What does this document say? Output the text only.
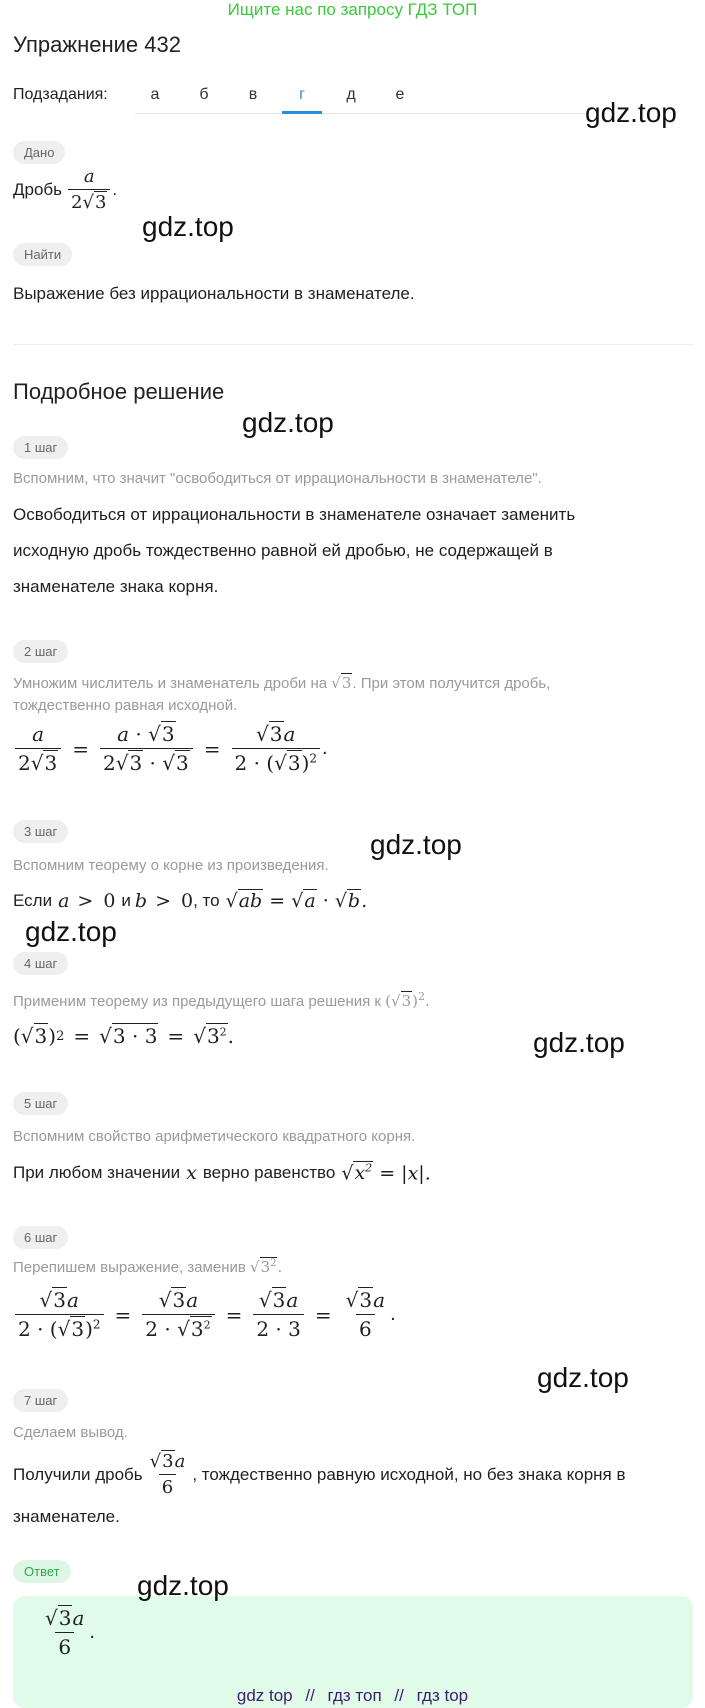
Ищите нас по запросу ГДЗ ТОП
Упражнение 432
Подзадания:	а	б	в	г	д	е
Дано
Дробь $\frac{a}{2√3}$ .
Найти
Выражение без иррациональности в знаменателе.
Подробное решение
1 шаг
Вспомним, что значит "освободиться от иррациональности в знаменателе".
Освободиться от иррациональности в знаменателе означает заменить
исходную дробь тождественно равной ей дробью, не содержащей в
знаменателе знака корня.
2 шаг
Умножим числитель и знаменатель дроби на √3. При этом получится дробь,
тождественно равная исходной.
$\frac{a}{2√3} = \frac{a \cdot √3}{2√3 \cdot √3} = \frac{√3a}{2 \cdot (√3)^2}$ .
3 шаг
Вспомним теорему о корне из произведения.
Если a > 0 и b > 0 , то √ab = √a · √b.
4 шаг
Применим теорему из предыдущего шага решения к $(√3)^2$.
(√ 3 ) 2 = √ 3 · 3 = √ $3^2$ .
5 шаг
Вспомним свойство арифметического квадратного корня.
При любом значении x верно равенство $√x^2 = |x|$.
6 шаг
Перепишем выражение, заменив $√3^2$.
$\frac{√3a}{2 \cdot (√3)^2} = \frac{√3a}{2 \cdot √3^2} = \frac{√3a}{2 \cdot 3} = \frac{√3a}{6}$ .
7 шаг
Сделаем вывод.
Получили дробь $\frac{√3a}{6}$ , тождественно равную исходной, но без знака корня в
знаменателе.
Ответ
$\frac{√3a}{6}$ .
gdz.top
gdz.top
gdz.top
gdz.top
gdz.top
gdz.top
gdz.top
gdz.top
gdz top // гдз топ // гдз top
